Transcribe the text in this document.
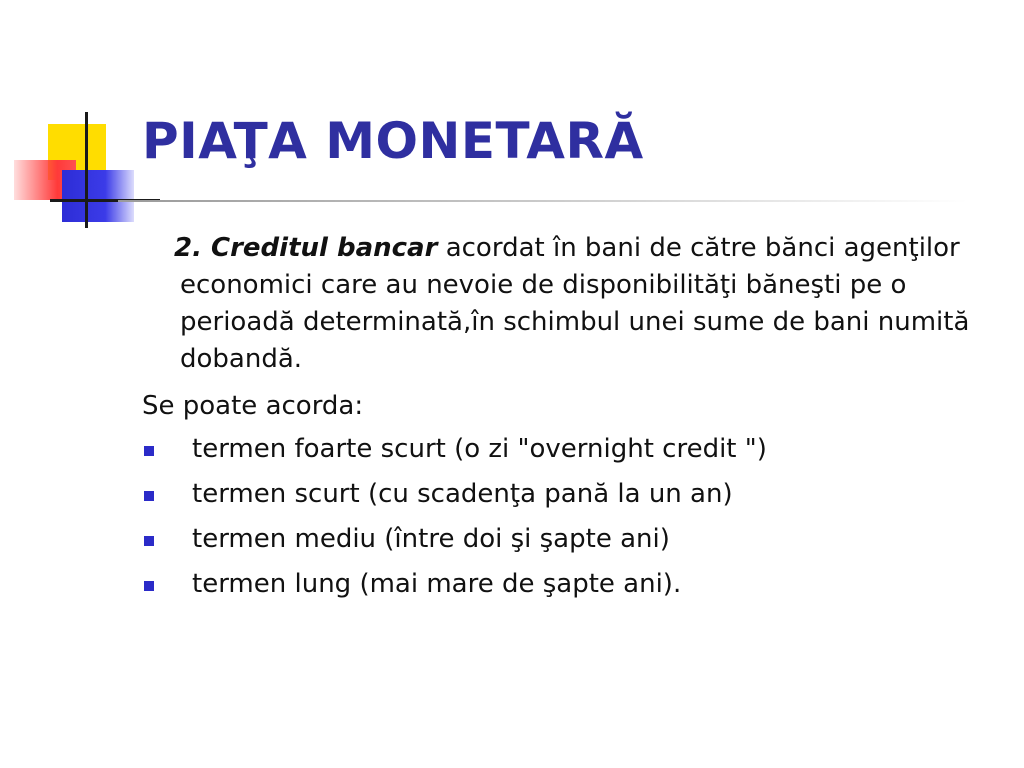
PIAŢA MONETARĂ

2. Creditul bancar acordat în bani de către bănci agenţilor economici care au nevoie de disponibilităţi băneşti pe o perioadă determinată,în schimbul unei sume de bani numită dobandă.

Se poate acorda:

termen foarte scurt (o zi "overnight credit ")
termen scurt (cu scadenţa pană la un an)
termen mediu (între doi şi şapte ani)
termen lung (mai mare de şapte ani).
